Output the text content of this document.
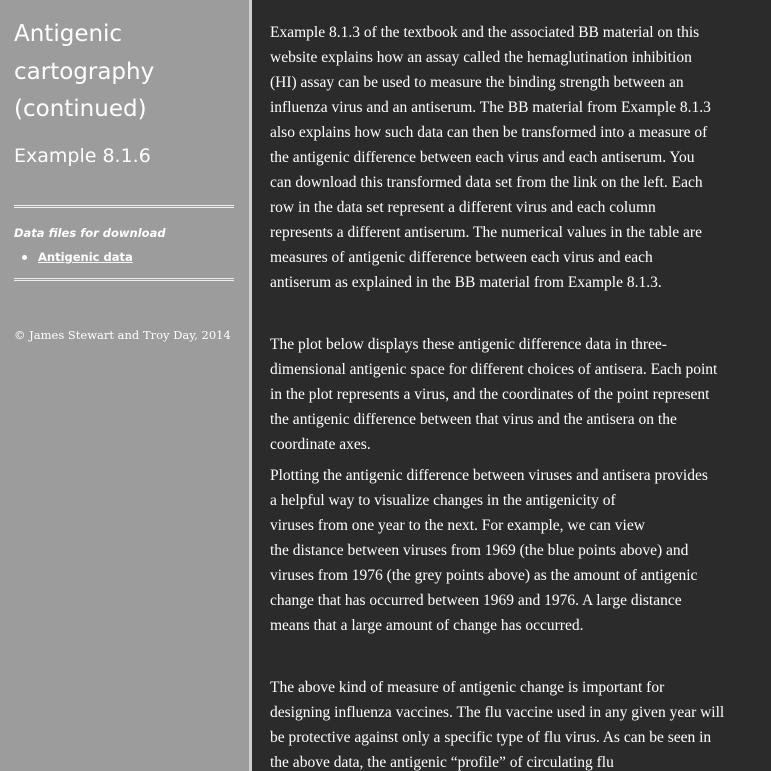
Antigenic
cartography
(continued)
Example 8.1.6
Data files for download
Antigenic data
© James Stewart and Troy Day, 2014

Example 8.1.3 of the textbook and the associated BB material on this
website explains how an assay called the hemaglutination inhibition
(HI) assay can be used to measure the binding strength between an
influenza virus and an antiserum. The BB material from Example 8.1.3
also explains how such data can then be transformed into a measure of
the antigenic difference between each virus and each antiserum. You
can download this transformed data set from the link on the left. Each
row in the data set represent a different virus and each column
represents a different antiserum. The numerical values in the table are
measures of antigenic difference between each virus and each
antiserum as explained in the BB material from Example 8.1.3.

The plot below displays these antigenic difference data in three-
dimensional antigenic space for different choices of antisera. Each point
in the plot represents a virus, and the coordinates of the point represent
the antigenic difference between that virus and the antisera on the
coordinate axes.

Plotting the antigenic difference between viruses and antisera provides
a helpful way to visualize changes in the antigenicity of
viruses from one year to the next. For example, we can view
the distance between viruses from 1969 (the blue points above) and
viruses from 1976 (the grey points above) as the amount of antigenic
change that has occurred between 1969 and 1976. A large distance
means that a large amount of change has occurred.

The above kind of measure of antigenic change is important for
designing influenza vaccines. The flu vaccine used in any given year will
be protective against only a specific type of flu virus. As can be seen in
the above data, the antigenic “profile” of circulating flu
